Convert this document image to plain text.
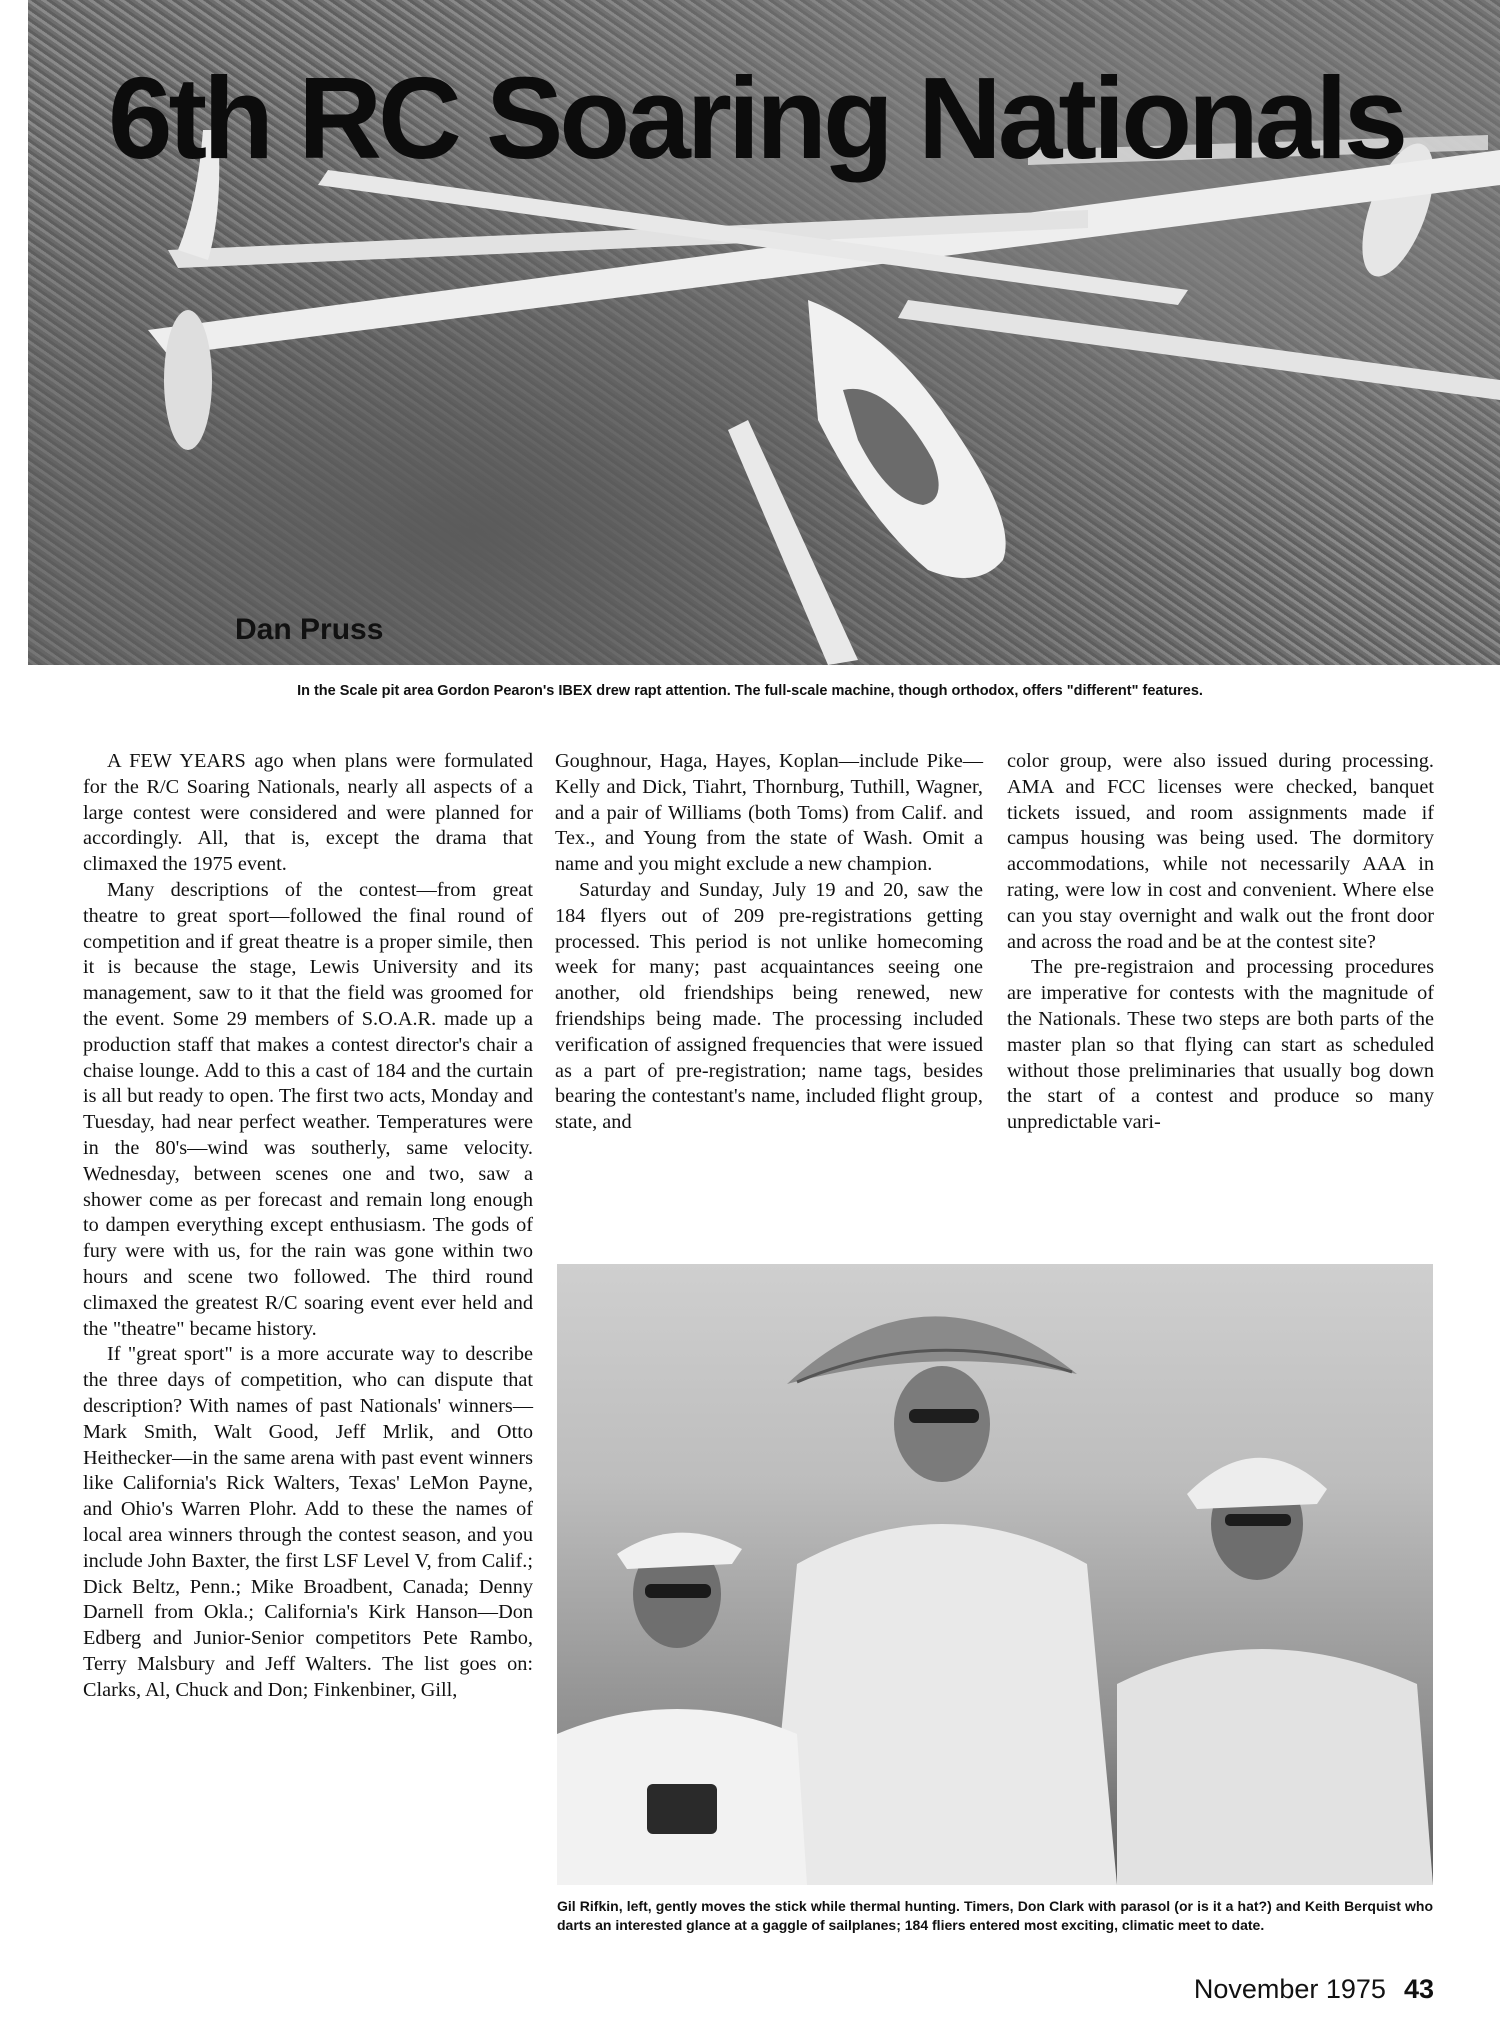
6th RC Soaring Nationals
Dan Pruss
In the Scale pit area Gordon Pearon's IBEX drew rapt attention. The full-scale machine, though orthodox, offers "different" features.

A FEW YEARS ago when plans were formulated for the R/C Soaring Nationals, nearly all aspects of a large contest were considered and were planned for accordingly. All, that is, except the drama that climaxed the 1975 event.

Many descriptions of the contest—from great theatre to great sport—followed the final round of competition and if great theatre is a proper simile, then it is because the stage, Lewis University and its management, saw to it that the field was groomed for the event. Some 29 members of S.O.A.R. made up a production staff that makes a contest director's chair a chaise lounge. Add to this a cast of 184 and the curtain is all but ready to open. The first two acts, Monday and Tuesday, had near perfect weather. Temperatures were in the 80's—wind was southerly, same velocity. Wednesday, between scenes one and two, saw a shower come as per forecast and remain long enough to dampen everything except enthusiasm. The gods of fury were with us, for the rain was gone within two hours and scene two followed. The third round climaxed the greatest R/C soaring event ever held and the "theatre" became history.

If "great sport" is a more accurate way to describe the three days of competition, who can dispute that description? With names of past Nationals' winners—Mark Smith, Walt Good, Jeff Mrlik, and Otto Heithecker—in the same arena with past event winners like California's Rick Walters, Texas' LeMon Payne, and Ohio's Warren Plohr. Add to these the names of local area winners through the contest season, and you include John Baxter, the first LSF Level V, from Calif.; Dick Beltz, Penn.; Mike Broadbent, Canada; Denny Darnell from Okla.; California's Kirk Hanson—Don Edberg and Junior-Senior competitors Pete Rambo, Terry Malsbury and Jeff Walters. The list goes on: Clarks, Al, Chuck and Don; Finkenbiner, Gill,

Goughnour, Haga, Hayes, Koplan—include Pike—Kelly and Dick, Tiahrt, Thornburg, Tuthill, Wagner, and a pair of Williams (both Toms) from Calif. and Tex., and Young from the state of Wash. Omit a name and you might exclude a new champion.

Saturday and Sunday, July 19 and 20, saw the 184 flyers out of 209 pre-registrations getting processed. This period is not unlike homecoming week for many; past acquaintances seeing one another, old friendships being renewed, new friendships being made. The processing included verification of assigned frequencies that were issued as a part of pre-registration; name tags, besides bearing the contestant's name, included flight group, state, and

color group, were also issued during processing. AMA and FCC licenses were checked, banquet tickets issued, and room assignments made if campus housing was being used. The dormitory accommodations, while not necessarily AAA in rating, were low in cost and convenient. Where else can you stay overnight and walk out the front door and across the road and be at the contest site?

The pre-registraion and processing procedures are imperative for contests with the magnitude of the Nationals. These two steps are both parts of the master plan so that flying can start as scheduled without those preliminaries that usually bog down the start of a contest and produce so many unpredictable vari-

Gil Rifkin, left, gently moves the stick while thermal hunting. Timers, Don Clark with parasol (or is it a hat?) and Keith Berquist who darts an interested glance at a gaggle of sailplanes; 184 fliers entered most exciting, climatic meet to date.
November 1975 43
